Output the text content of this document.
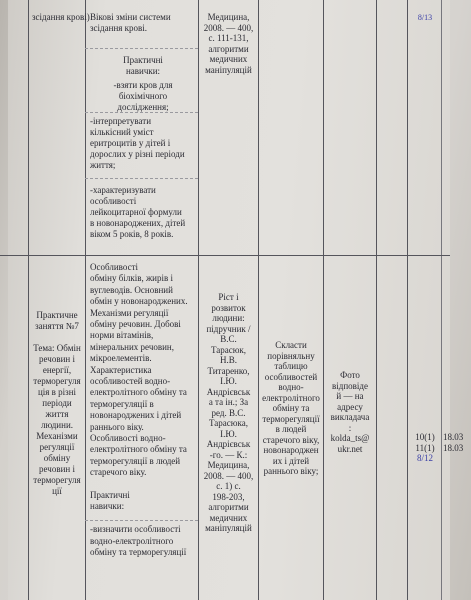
зсідання крові)
Практичне
заняття №7
Тема: Обмін
речовин і
енергії,
терморегуля
ція в різні
періоди
життя
людини.
Механізми
регуляції
обміну
речовин і
терморегуля
ції
Вікові зміни системи
зсідання крові.
Практичні
навички:
-взяти кров для
біохімічного
дослідження;
-інтерпретувати
кількісний уміст
еритроцитів у дітей і
дорослих у різні періоди
життя;
-характеризувати
особливості
лейкоцитарної формули
в новонароджених, дітей
віком 5 років, 8 років.
Особливості
обміну білків, жирів і
вуглеводів. Основний
обмін у новонароджених.
Механізми регуляції
обміну речовин. Добові
норми вітамінів,
мінеральних речовин,
мікроелементів.
Характеристика
особливостей водно-
електролітного обміну та
терморегуляції в
новонароджених і дітей
раннього віку.
Особливості водно-
електролітного обміну та
терморегуляції в людей
старечого віку.
Практичні
навички:
-визначити особливості
водно-електролітного
обміну та терморегуляції
Медицина,
2008. — 400,
с. 111-131,
алгоритми
медичних
маніпуляцій
Ріст і
розвиток
людини:
підручник /
В.С.
Тарасюк,
Н.В.
Титаренко,
І.Ю.
Андрієвськ
а та ін.; За
ред. В.С.
Тарасюка,
І.Ю.
Андрієвськ
-го. — К.:
Медицина,
2008. — 400,
с. 1) с.
198-203,
алгоритми
медичних
маніпуляцій
Скласти
порівняльну
таблицю
особливостей
водно-
електролітного
обміну та
терморегуляції
в людей
старечого віку,
новонароджен
их і дітей
раннього віку;
Фото
відповіде
й — на
адресу
викладача
:
kolda_ts@
ukr.net
8/13
10(1)
11(1)
8/12
18.03
18.03
